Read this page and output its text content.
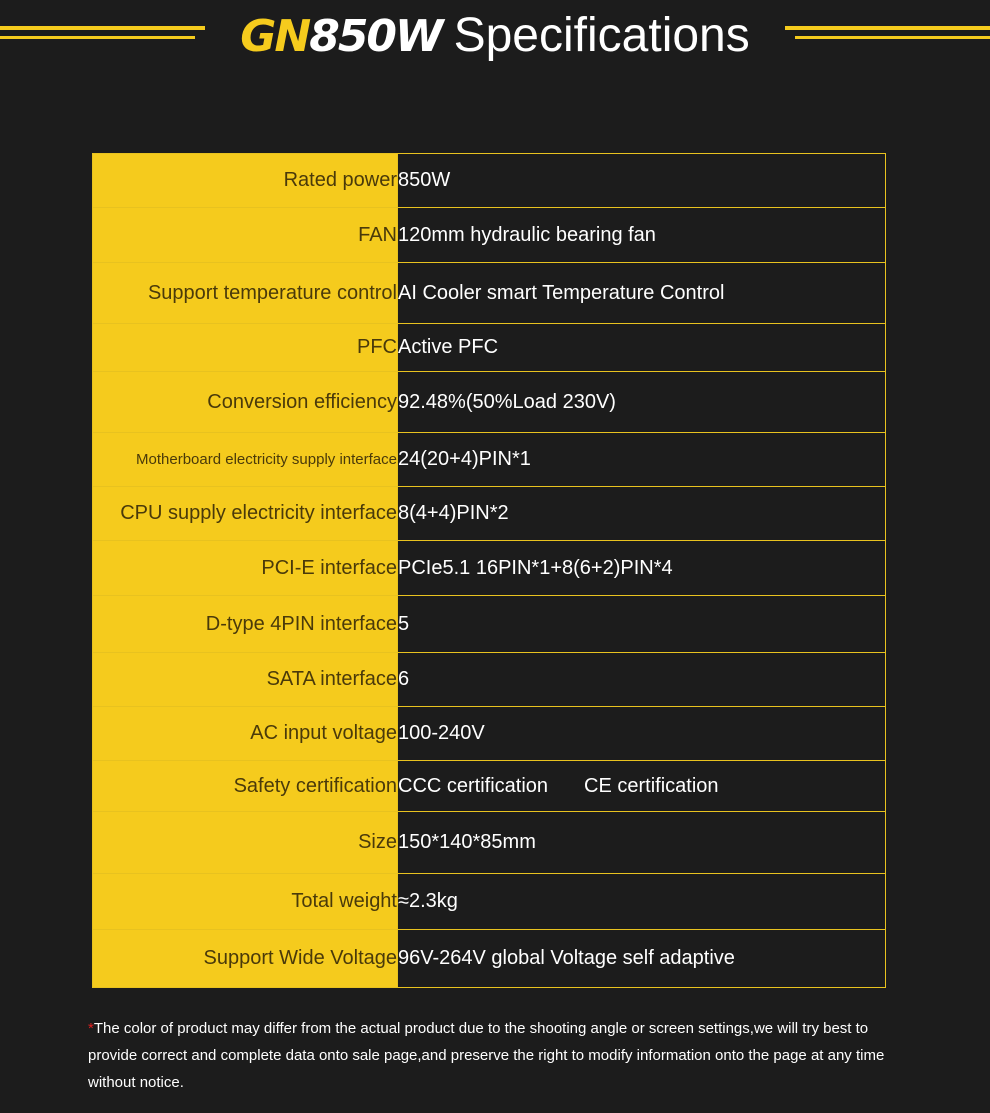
GN850W Specifications
Rated power	850W
FAN	120mm hydraulic bearing fan
Support temperature control	AI Cooler smart Temperature Control
PFC	Active PFC
Conversion efficiency	92.48%(50%Load 230V)
Motherboard electricity supply interface	24(20+4)PIN*1
CPU supply electricity interface	8(4+4)PIN*2
PCI-E interface	PCIe5.1 16PIN*1+8(6+2)PIN*4
D-type 4PIN interface	5
SATA interface	6
AC input voltage	100-240V
Safety certification	CCC certification CE certification
Size	150*140*85mm
Total weight	≈2.3kg
Support Wide Voltage	96V-264V global Voltage self adaptive
*The color of product may differ from the actual product due to the shooting angle or screen settings,we will try best to provide correct and complete data onto sale page,and preserve the right to modify information onto the page at any time without notice.
